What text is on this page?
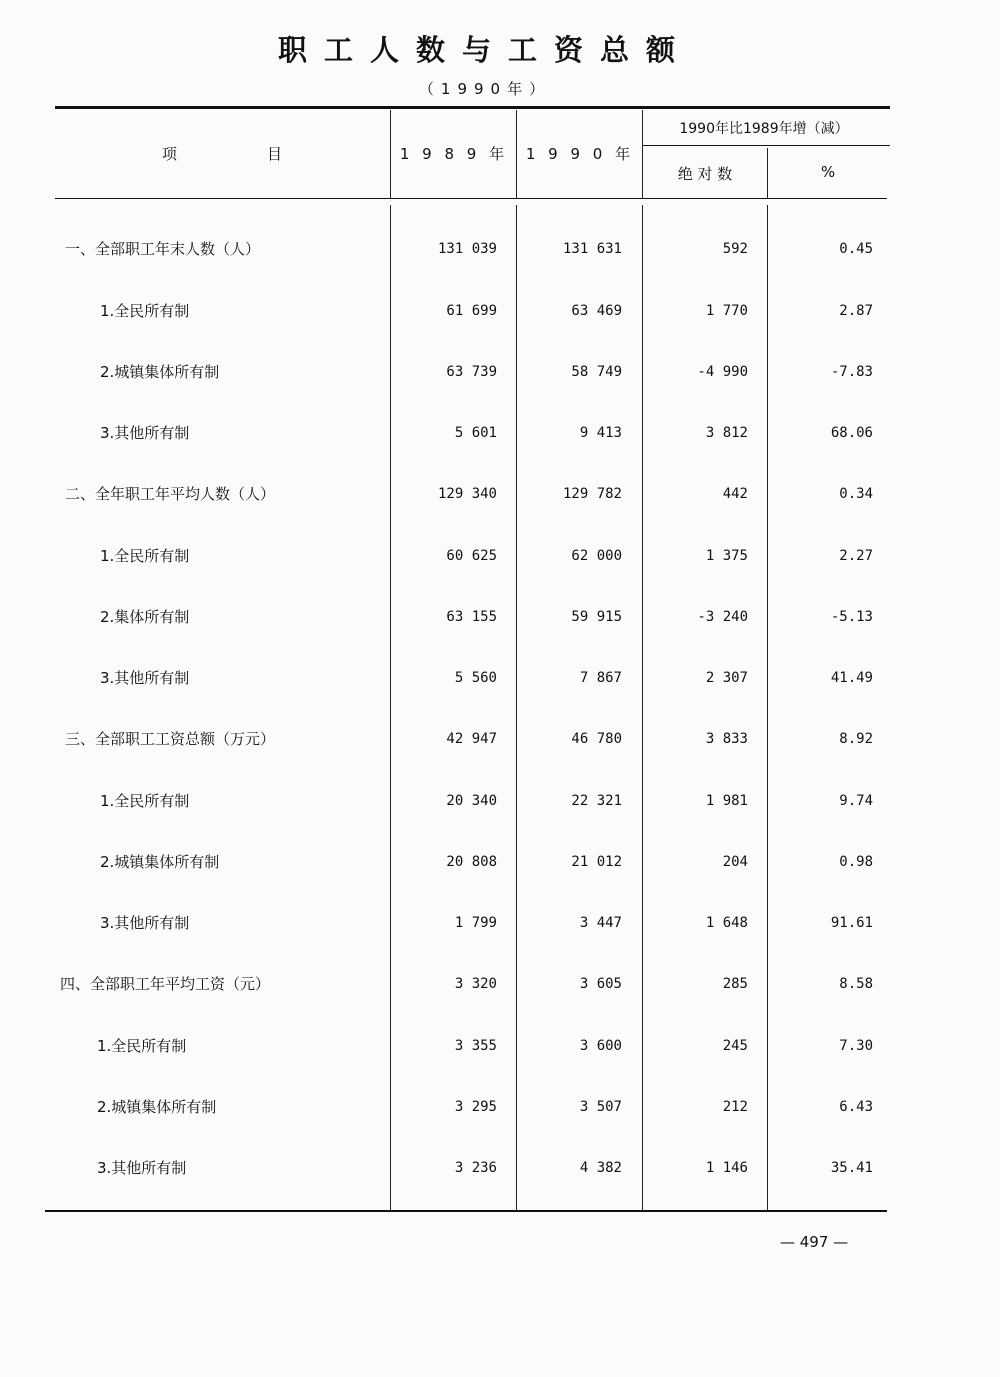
职工人数与工资总额
（1990年）
项　　　　目	1 9 8 9 年	1 9 9 0 年
1990年比1989年增（减）
绝 对 数	%
一、全部职工年末人数（人）	131 039	131 631	592	0.45
1.全民所有制	61 699	63 469	1 770	2.87
2.城镇集体所有制	63 739	58 749	-4 990	-7.83
3.其他所有制	5 601	9 413	3 812	68.06
二、全年职工年平均人数（人）	129 340	129 782	442	0.34
1.全民所有制	60 625	62 000	1 375	2.27
2.集体所有制	63 155	59 915	-3 240	-5.13
3.其他所有制	5 560	7 867	2 307	41.49
三、全部职工工资总额（万元）	42 947	46 780	3 833	8.92
1.全民所有制	20 340	22 321	1 981	9.74
2.城镇集体所有制	20 808	21 012	204	0.98
3.其他所有制	1 799	3 447	1 648	91.61
四、全部职工年平均工资（元）	3 320	3 605	285	8.58
1.全民所有制	3 355	3 600	245	7.30
2.城镇集体所有制	3 295	3 507	212	6.43
3.其他所有制	3 236	4 382	1 146	35.41
— 497 —
